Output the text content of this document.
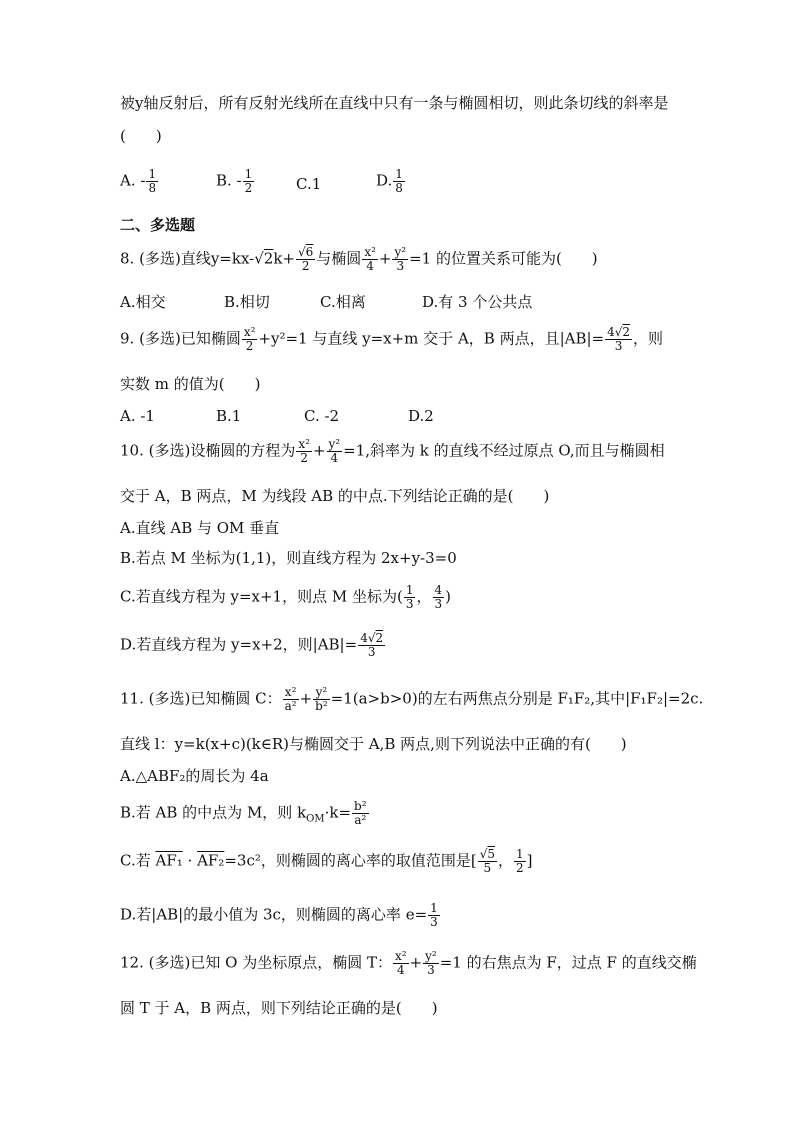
被y轴反射后，所有反射光线所在直线中只有一条与椭圆相切，则此条切线的斜率是
(　　)
A. - $\frac{1}{8}$	B. - $\frac{1}{2}$	C.1	D. $\frac{1}{8}$
二、多选题
8. (多选)直线$y=kx-√2k+ \frac{√6}{2}$ 与椭圆 $\frac{\text{x²}}{4} + \frac{\text{y²}}{3} =1$ 的位置关系可能为(　　)
A.相交	B.相切	C.相离	D.有 3 个公共点
9. (多选)已知椭圆 $\frac{\text{x²}}{2} +y^2=1$ 与直线 y=x+m 交于 A，B 两点，且$|AB|= \frac{4√2}{3}$ ，则
实数 m 的值为(　　)
A. -1	B.1	C. -2	D.2
10. (多选)设椭圆的方程为 $\frac{\text{x²}}{2} + \frac{\text{y²}}{4} =1$,斜率为 k 的直线不经过原点 O,而且与椭圆相
交于 A，B 两点，M 为线段 AB 的中点.下列结论正确的是(　　)
A.直线 AB 与 OM 垂直
B.若点 M 坐标为(1,1)，则直线方程为 2x+y-3=0
C.若直线方程为 y=x+1，则点 M 坐标为( $\frac{1}{3}$ ， $\frac{4}{3}$ )
D.若直线方程为 y=x+2，则$|AB|= \frac{4√2}{3}$
11. (多选)已知椭圆 C： $\frac{\text{x²}}{\text{a²}} + \frac{\text{y²}}{\text{b²}} =1(a>b>0)$的左右两焦点分别是 F₁F₂,其中|F₁F₂|=2c.
直线 l：y=k(x+c)(k∈R)与椭圆交于 A,B 两点,则下列说法中正确的有(　　)
A.△ABF₂的周长为 4a
B.若 AB 的中点为 M，则 $k_{OM}\cdot k= \frac{\text{b²}}{\text{a²}}$
C.若 AF₁ · AF₂=3c²，则椭圆的离心率的取值范围是[ $\frac{√5}{5}$ ， $\frac{1}{2}$ ]
D.若|AB|的最小值为 3c，则椭圆的离心率 $e= \frac{1}{3}$
12. (多选)已知 O 为坐标原点，椭圆 T： $\frac{\text{x²}}{4} + \frac{\text{y²}}{3} =1$ 的右焦点为 F，过点 F 的直线交椭
圆 T 于 A，B 两点，则下列结论正确的是(　　)
